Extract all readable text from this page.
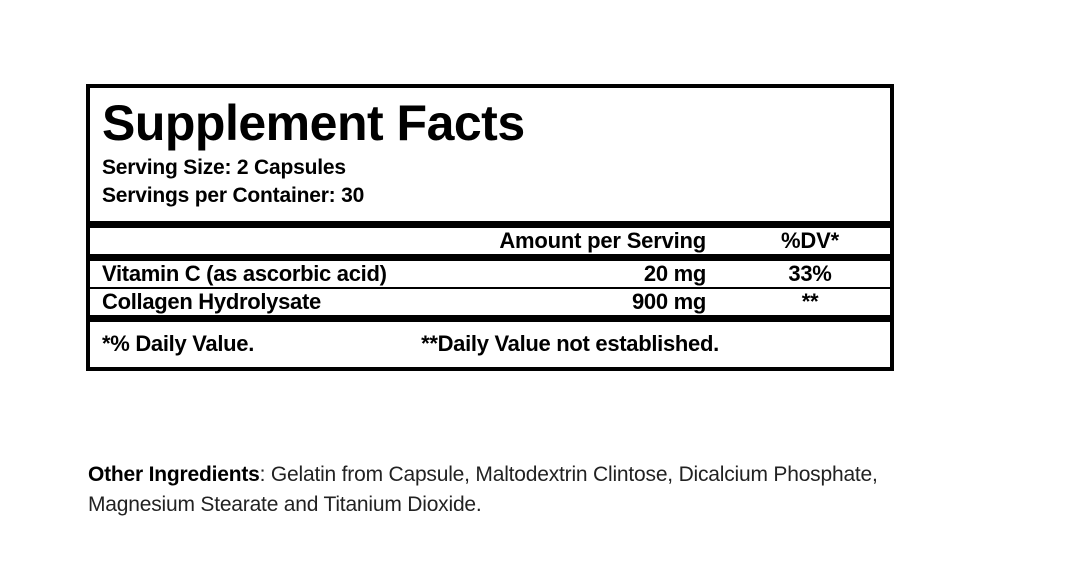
Supplement Facts
Serving Size: 2 Capsules
Servings per Container: 30
	Amount per Serving	%DV*
Vitamin C (as ascorbic acid)	20 mg	33%

Collagen Hydrolysate	900 mg	**
*% Daily Value.	**Daily Value not established.
Other Ingredients: Gelatin from Capsule, Maltodextrin Clintose, Dicalcium Phosphate, Magnesium Stearate and Titanium Dioxide.
